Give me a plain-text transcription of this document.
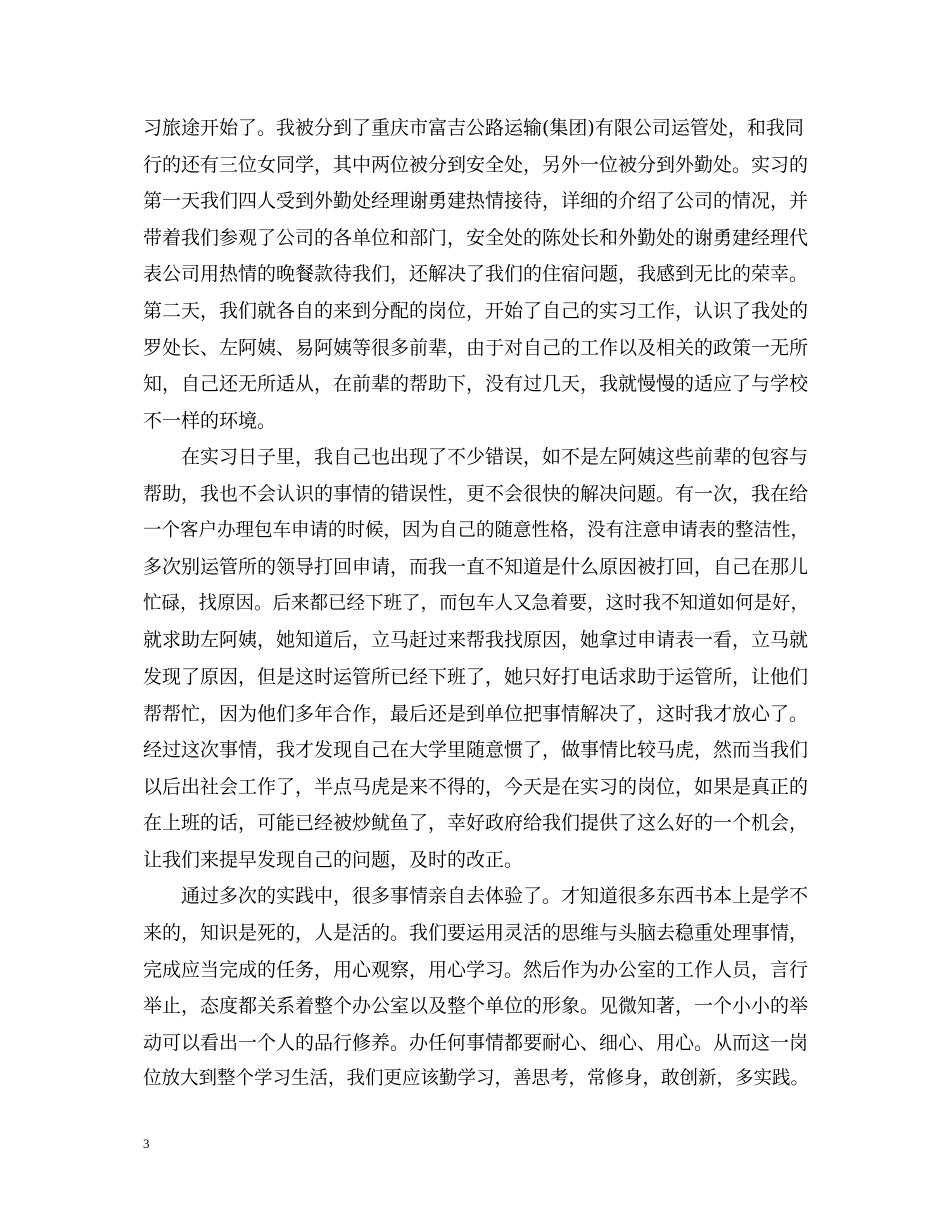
习旅途开始了。我被分到了重庆市富吉公路运输(集团)有限公司运管处，和我同
行的还有三位女同学，其中两位被分到安全处，另外一位被分到外勤处。实习的
第一天我们四人受到外勤处经理谢勇建热情接待，详细的介绍了公司的情况，并
带着我们参观了公司的各单位和部门，安全处的陈处长和外勤处的谢勇建经理代
表公司用热情的晚餐款待我们，还解决了我们的住宿问题，我感到无比的荣幸。
第二天，我们就各自的来到分配的岗位，开始了自己的实习工作，认识了我处的
罗处长、左阿姨、易阿姨等很多前辈，由于对自己的工作以及相关的政策一无所
知，自己还无所适从，在前辈的帮助下，没有过几天，我就慢慢的适应了与学校
不一样的环境。
　　在实习日子里，我自己也出现了不少错误，如不是左阿姨这些前辈的包容与
帮助，我也不会认识的事情的错误性，更不会很快的解决问题。有一次，我在给
一个客户办理包车申请的时候，因为自己的随意性格，没有注意申请表的整洁性，
多次别运管所的领导打回申请，而我一直不知道是什么原因被打回，自己在那儿
忙碌，找原因。后来都已经下班了，而包车人又急着要，这时我不知道如何是好，
就求助左阿姨，她知道后，立马赶过来帮我找原因，她拿过申请表一看，立马就
发现了原因，但是这时运管所已经下班了，她只好打电话求助于运管所，让他们
帮帮忙，因为他们多年合作，最后还是到单位把事情解决了，这时我才放心了。
经过这次事情，我才发现自己在大学里随意惯了，做事情比较马虎，然而当我们
以后出社会工作了，半点马虎是来不得的，今天是在实习的岗位，如果是真正的
在上班的话，可能已经被炒鱿鱼了，幸好政府给我们提供了这么好的一个机会，
让我们来提早发现自己的问题，及时的改正。
　　通过多次的实践中，很多事情亲自去体验了。才知道很多东西书本上是学不
来的，知识是死的，人是活的。我们要运用灵活的思维与头脑去稳重处理事情，
完成应当完成的任务，用心观察，用心学习。然后作为办公室的工作人员，言行
举止，态度都关系着整个办公室以及整个单位的形象。见微知著，一个小小的举
动可以看出一个人的品行修养。办任何事情都要耐心、细心、用心。从而这一岗
位放大到整个学习生活，我们更应该勤学习，善思考，常修身，敢创新，多实践。
3
